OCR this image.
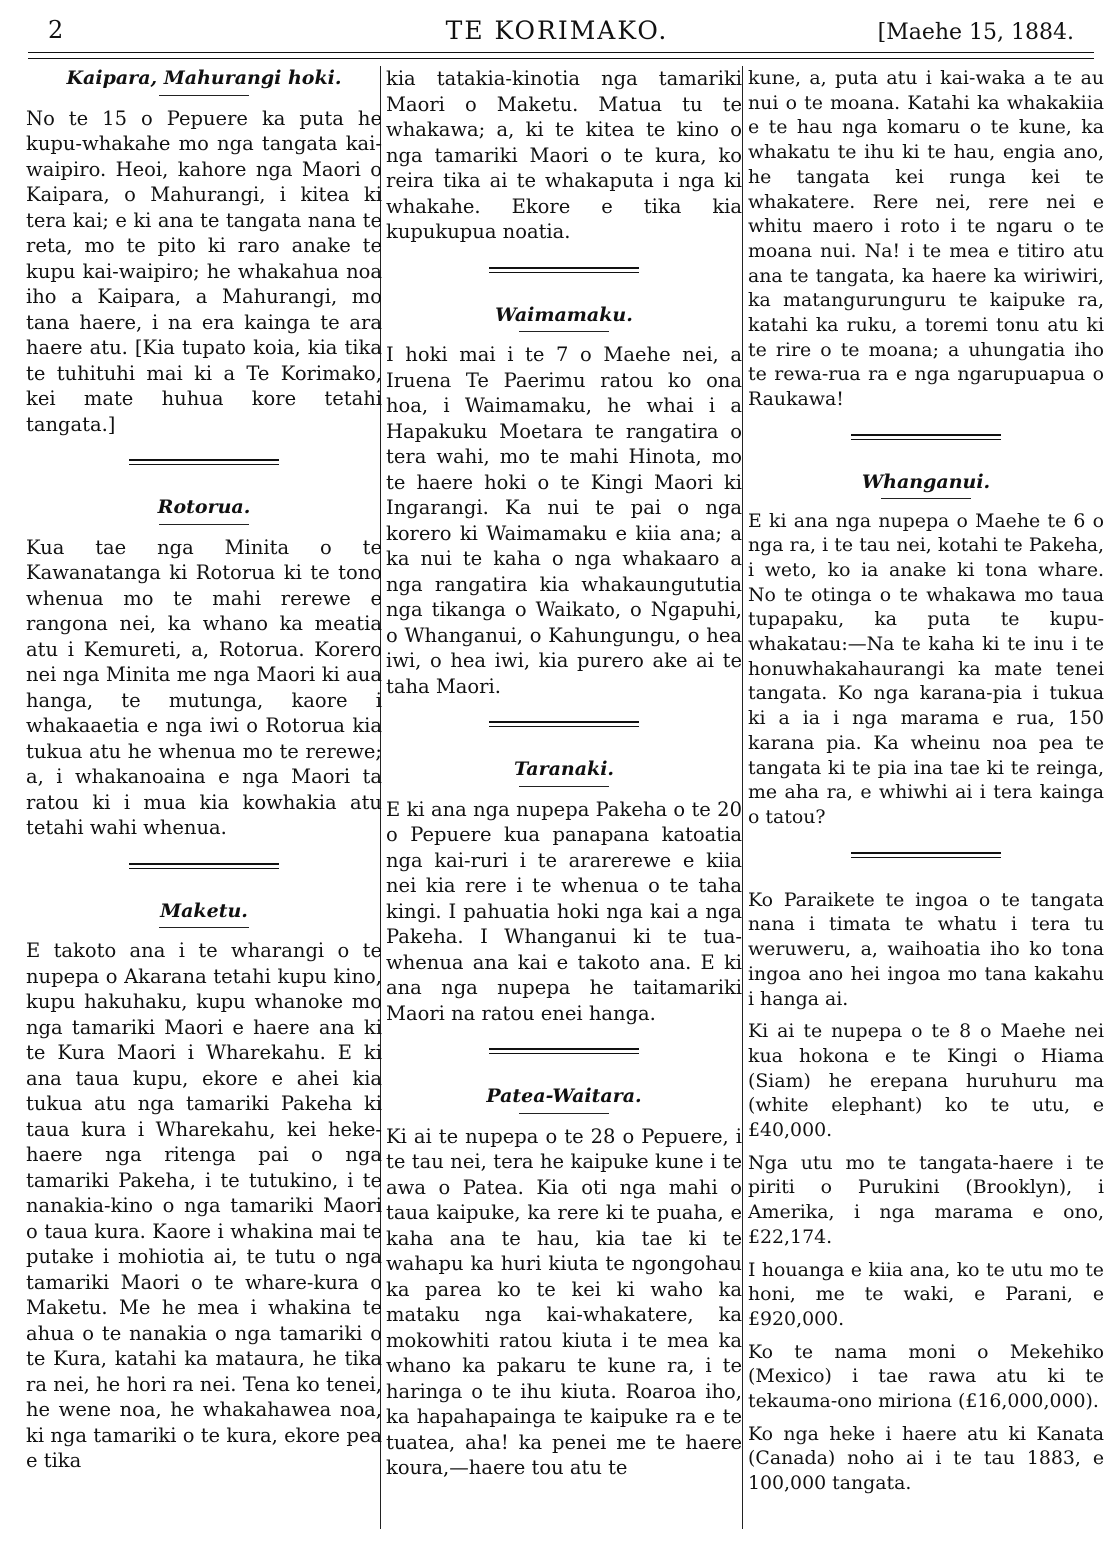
2	TE KORIMAKO.	[Maehe 15, 1884.
Kaipara, Mahurangi hoki.

No te 15 o Pepuere ka puta he kupu-whakahe mo nga tangata kai-waipiro. Heoi, kahore nga Maori o Kaipara, o Mahurangi, i kitea ki tera kai; e ki ana te tangata nana te reta, mo te pito ki raro anake te kupu kai-waipiro; he whakahua noa iho a Kaipara, a Mahurangi, mo tana haere, i na era kainga te ara haere atu. [Kia tupato koia, kia tika te tuhituhi mai ki a Te Korimako, kei mate huhua kore tetahi tangata.]

Rotorua.

Kua tae nga Minita o te Kawanatanga ki Rotorua ki te tono whenua mo te mahi rerewe e rangona nei, ka whano ka meatia atu i Kemureti, a, Rotorua. Korero nei nga Minita me nga Maori ki aua hanga, te mutunga, kaore i whakaaetia e nga iwi o Rotorua kia tukua atu he whenua mo te rerewe; a, i whakanoaina e nga Maori ta ratou ki i mua kia kowhakia atu tetahi wahi whenua.

Maketu.

E takoto ana i te wharangi o te nupepa o Akarana tetahi kupu kino, kupu hakuhaku, kupu whanoke mo nga tamariki Maori e haere ana ki te Kura Maori i Wharekahu. E ki ana taua kupu, ekore e ahei kia tukua atu nga tamariki Pakeha ki taua kura i Wharekahu, kei heke-haere nga ritenga pai o nga tamariki Pakeha, i te tutukino, i te nanakia-kino o nga tamariki Maori o taua kura. Kaore i whakina mai te putake i mohiotia ai, te tutu o nga tamariki Maori o te whare-kura o Maketu. Me he mea i whakina te ahua o te nanakia o nga tamariki o te Kura, katahi ka mataura, he tika ra nei, he hori ra nei. Tena ko tenei, he wene noa, he whakahawea noa, ki nga tamariki o te kura, ekore pea e tika

kia tatakia-kinotia nga tamariki Maori o Maketu. Matua tu te whakawa; a, ki te kitea te kino o nga tamariki Maori o te kura, ko reira tika ai te whakaputa i nga ki whakahe. Ekore e tika kia kupukupua noatia.

Waimamaku.

I hoki mai i te 7 o Maehe nei, a Iruena Te Paerimu ratou ko ona hoa, i Waimamaku, he whai i a Hapakuku Moetara te rangatira o tera wahi, mo te mahi Hinota, mo te haere hoki o te Kingi Maori ki Ingarangi. Ka nui te pai o nga korero ki Waimamaku e kiia ana; a ka nui te kaha o nga whakaaro a nga rangatira kia whakaungututia nga tikanga o Waikato, o Ngapuhi, o Whanganui, o Kahungungu, o hea iwi, o hea iwi, kia purero ake ai te taha Maori.

Taranaki.

E ki ana nga nupepa Pakeha o te 20 o Pepuere kua panapana katoatia nga kai-ruri i te ararerewe e kiia nei kia rere i te whenua o te taha kingi. I pahuatia hoki nga kai a nga Pakeha. I Whanganui ki te tua-whenua ana kai e takoto ana. E ki ana nga nupepa he taitamariki Maori na ratou enei hanga.

Patea-Waitara.

Ki ai te nupepa o te 28 o Pepuere, i te tau nei, tera he kaipuke kune i te awa o Patea. Kia oti nga mahi o taua kaipuke, ka rere ki te puaha, e kaha ana te hau, kia tae ki te wahapu ka huri kiuta te ngongohau ka parea ko te kei ki waho ka mataku nga kai-whakatere, ka mokowhiti ratou kiuta i te mea ka whano ka pakaru te kune ra, i te haringa o te ihu kiuta. Roaroa iho, ka hapahapainga te kaipuke ra e te tuatea, aha! ka penei me te haere koura,—haere tou atu te

kune, a, puta atu i kai-waka a te au nui o te moana. Katahi ka whakakiia e te hau nga komaru o te kune, ka whakatu te ihu ki te hau, engia ano, he tangata kei runga kei te whakatere. Rere nei, rere nei e whitu maero i roto i te ngaru o te moana nui. Na! i te mea e titiro atu ana te tangata, ka haere ka wiriwiri, ka matangurunguru te kaipuke ra, katahi ka ruku, a toremi tonu atu ki te rire o te moana; a uhungatia iho te rewa-rua ra e nga ngarupuapua o Raukawa!

Whanganui.

E ki ana nga nupepa o Maehe te 6 o nga ra, i te tau nei, kotahi te Pakeha, i weto, ko ia anake ki tona whare. No te otinga o te whakawa mo taua tupapaku, ka puta te kupu-whakatau:—Na te kaha ki te inu i te honuwhakahaurangi ka mate tenei tangata. Ko nga karana-pia i tukua ki a ia i nga marama e rua, 150 karana pia. Ka wheinu noa pea te tangata ki te pia ina tae ki te reinga, me aha ra, e whiwhi ai i tera kainga o tatou?

Ko Paraikete te ingoa o te tangata nana i timata te whatu i tera tu weruweru, a, waihoatia iho ko tona ingoa ano hei ingoa mo tana kakahu i hanga ai.

Ki ai te nupepa o te 8 o Maehe nei kua hokona e te Kingi o Hiama (Siam) he erepana huruhuru ma (white elephant) ko te utu, e £40,000.

Nga utu mo te tangata-haere i te piriti o Purukini (Brooklyn), i Amerika, i nga marama e ono, £22,174.

I houanga e kiia ana, ko te utu mo te honi, me te waki, e Parani, e £920,000.

Ko te nama moni o Mekehiko (Mexico) i tae rawa atu ki te tekauma-ono miriona (£16,000,000).

Ko nga heke i haere atu ki Kanata (Canada) noho ai i te tau 1883, e 100,000 tangata.
